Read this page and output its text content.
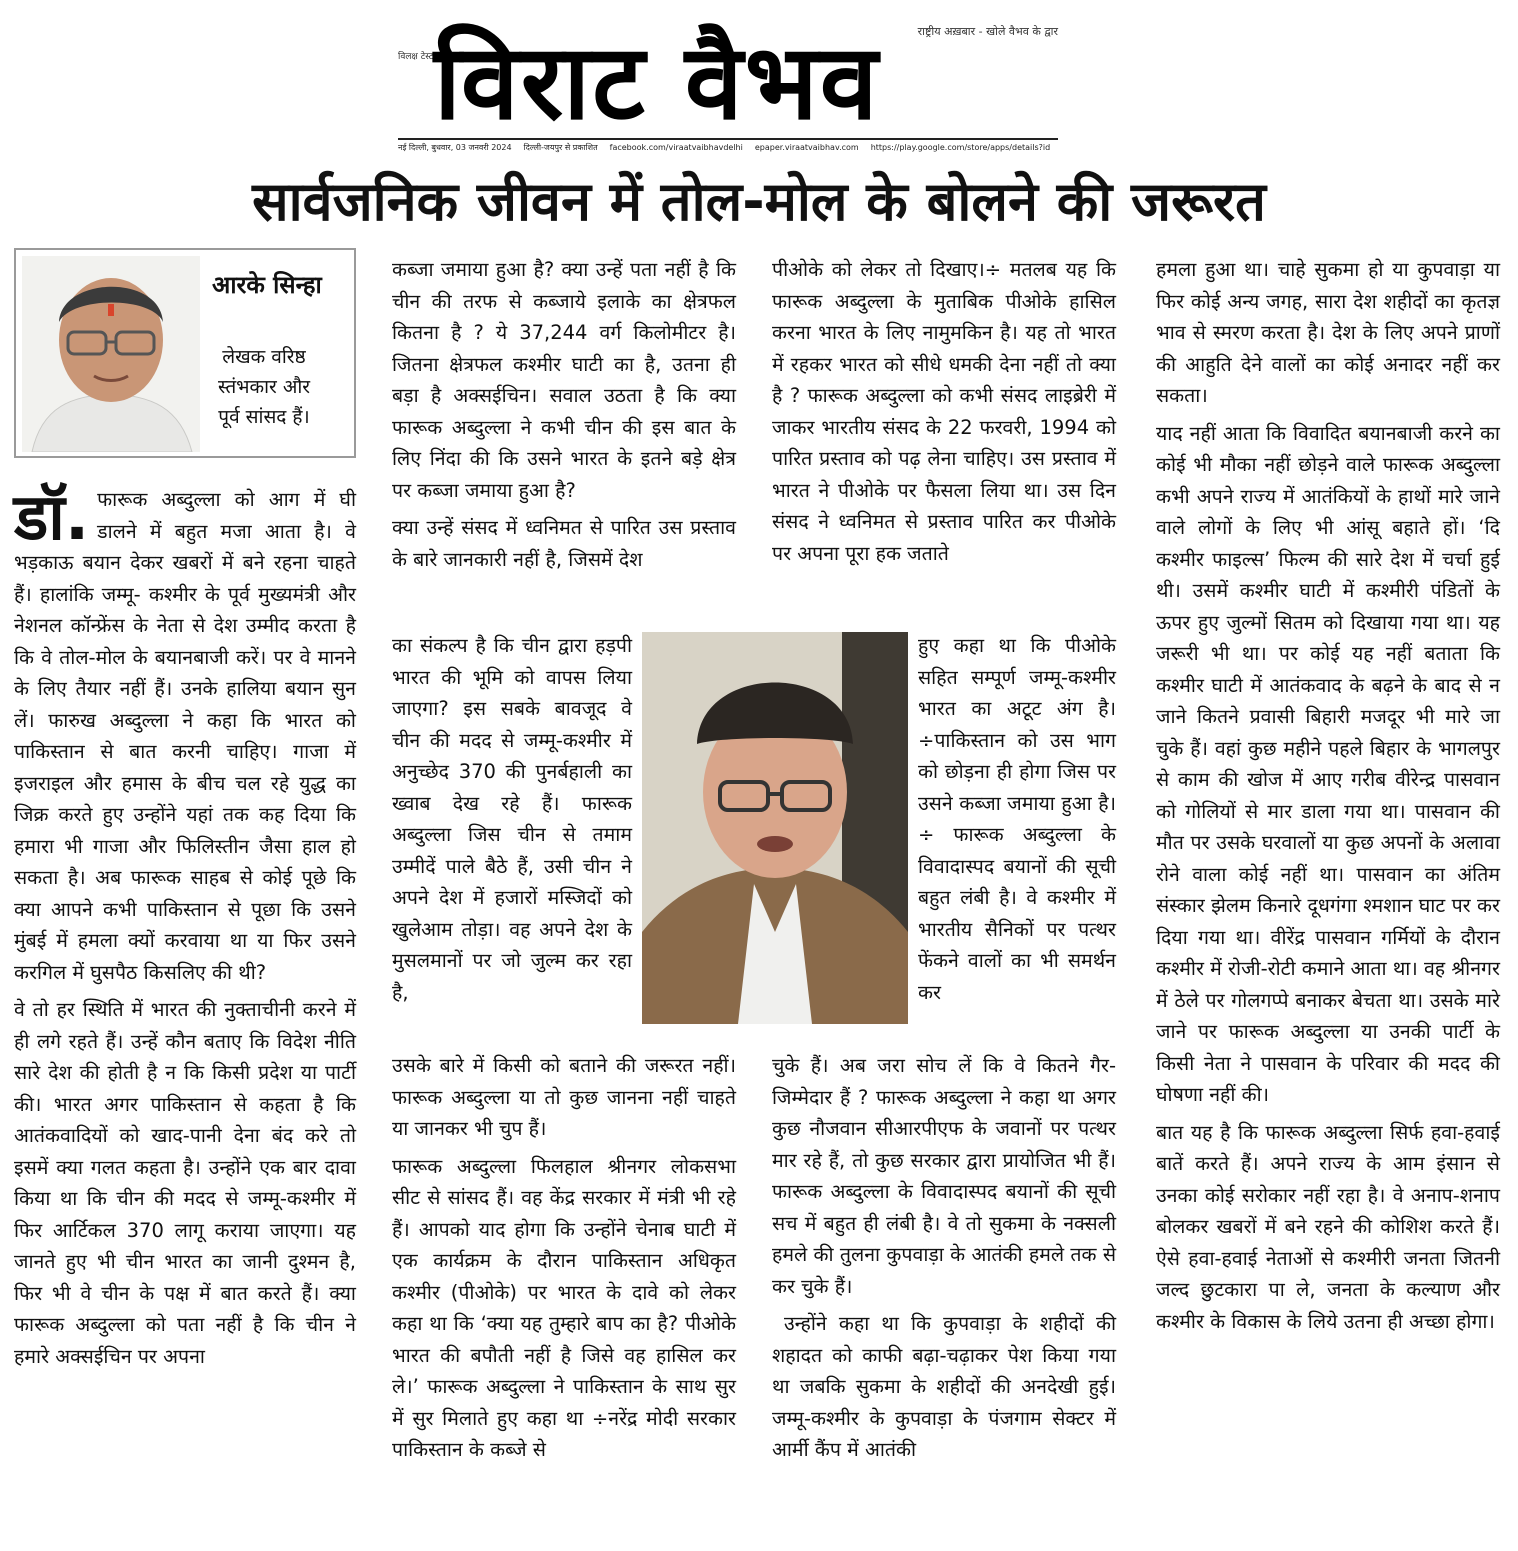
विलक्ष टेस्ट
राष्ट्रीय अख़बार - खोले वैभव के द्वार
विराट वैभव
नई दिल्ली, बुधवार, 03 जनवरी 2024 दिल्ली-जयपुर से प्रकाशित facebook.com/viraatvaibhavdelhi epaper.viraatvaibhav.com https://play.google.com/store/apps/details?id
सार्वजनिक जीवन में तोल-मोल के बोलने की जरूरत
आरके सिन्हा
लेखक वरिष्ठ स्तंभकार और पूर्व सांसद हैं।

डॉ. फारूक अब्दुल्ला को आग में घी डालने में बहुत मजा आता है। वे भड़काऊ बयान देकर खबरों में बने रहना चाहते हैं। हालांकि जम्मू- कश्मीर के पूर्व मुख्यमंत्री और नेशनल कॉन्फ्रेंस के नेता से देश उम्मीद करता है कि वे तोल-मोल के बयानबाजी करें। पर वे मानने के लिए तैयार नहीं हैं। उनके हालिया बयान सुन लें। फारुख अब्दुल्ला ने कहा कि भारत को पाकिस्तान से बात करनी चाहिए। गाजा में इजराइल और हमास के बीच चल रहे युद्ध का जिक्र करते हुए उन्होंने यहां तक कह दिया कि हमारा भी गाजा और फिलिस्तीन जैसा हाल हो सकता है। अब फारूक साहब से कोई पूछे कि क्या आपने कभी पाकिस्तान से पूछा कि उसने मुंबई में हमला क्यों करवाया था या फिर उसने करगिल में घुसपैठ किसलिए की थी?

वे तो हर स्थिति में भारत की नुक्ताचीनी करने में ही लगे रहते हैं। उन्हें कौन बताए कि विदेश नीति सारे देश की होती है न कि किसी प्रदेश या पार्टी की। भारत अगर पाकिस्तान से कहता है कि आतंकवादियों को खाद-पानी देना बंद करे तो इसमें क्या गलत कहता है। उन्होंने एक बार दावा किया था कि चीन की मदद से जम्मू-कश्मीर में फिर आर्टिकल 370 लागू कराया जाएगा। यह जानते हुए भी चीन भारत का जानी दुश्मन है, फिर भी वे चीन के पक्ष में बात करते हैं। क्या फारूक अब्दुल्ला को पता नहीं है कि चीन ने हमारे अक्सईचिन पर अपना

कब्जा जमाया हुआ है? क्या उन्हें पता नहीं है कि चीन की तरफ से कब्जाये इलाके का क्षेत्रफल कितना है ? ये 37,244 वर्ग किलोमीटर है। जितना क्षेत्रफल कश्मीर घाटी का है, उतना ही बड़ा है अक्सईचिन। सवाल उठता है कि क्या फारूक अब्दुल्ला ने कभी चीन की इस बात के लिए निंदा की कि उसने भारत के इतने बड़े क्षेत्र पर कब्जा जमाया हुआ है?

क्या उन्हें संसद में ध्वनिमत से पारित उस प्रस्ताव के बारे जानकारी नहीं है, जिसमें देश

का संकल्प है कि चीन द्वारा हड़पी भारत की भूमि को वापस लिया जाएगा? इस सबके बावजूद वे चीन की मदद से जम्मू-कश्मीर में अनुच्छेद 370 की पुनर्बहाली का ख्वाब देख रहे हैं। फारूक अब्दुल्ला जिस चीन से तमाम उम्मीदें पाले बैठे हैं, उसी चीन ने अपने देश में हजारों मस्जिदों को खुलेआम तोड़ा। वह अपने देश के मुसलमानों पर जो जुल्म कर रहा है,

उसके बारे में किसी को बताने की जरूरत नहीं। फारूक अब्दुल्ला या तो कुछ जानना नहीं चाहते या जानकर भी चुप हैं।

फारूक अब्दुल्ला फिलहाल श्रीनगर लोकसभा सीट से सांसद हैं। वह केंद्र सरकार में मंत्री भी रहे हैं। आपको याद होगा कि उन्होंने चेनाब घाटी में एक कार्यक्रम के दौरान पाकिस्तान अधिकृत कश्मीर (पीओके) पर भारत के दावे को लेकर कहा था कि ‘क्या यह तुम्हारे बाप का है? पीओके भारत की बपौती नहीं है जिसे वह हासिल कर ले।’ फारूक अब्दुल्ला ने पाकिस्तान के साथ सुर में सुर मिलाते हुए कहा था ÷नरेंद्र मोदी सरकार पाकिस्तान के कब्जे से

पीओके को लेकर तो दिखाए।÷ मतलब यह कि फारूक अब्दुल्ला के मुताबिक पीओके हासिल करना भारत के लिए नामुमकिन है। यह तो भारत में रहकर भारत को सीधे धमकी देना नहीं तो क्या है ? फारूक अब्दुल्ला को कभी संसद लाइब्रेरी में जाकर भारतीय संसद के 22 फरवरी, 1994 को पारित प्रस्ताव को पढ़ लेना चाहिए। उस प्रस्ताव में भारत ने पीओके पर फैसला लिया था। उस दिन संसद ने ध्वनिमत से प्रस्ताव पारित कर पीओके पर अपना पूरा हक जताते

हुए कहा था कि पीओके सहित सम्पूर्ण जम्मू-कश्मीर भारत का अटूट अंग है। ÷पाकिस्तान को उस भाग को छोड़ना ही होगा जिस पर उसने कब्जा जमाया हुआ है।÷ फारूक अब्दुल्ला के विवादास्पद बयानों की सूची बहुत लंबी है। वे कश्मीर में भारतीय सैनिकों पर पत्थर फेंकने वालों का भी समर्थन कर

चुके हैं। अब जरा सोच लें कि वे कितने गैर-जिम्मेदार हैं ? फारूक अब्दुल्ला ने कहा था अगर कुछ नौजवान सीआरपीएफ के जवानों पर पत्थर मार रहे हैं, तो कुछ सरकार द्वारा प्रायोजित भी हैं। फारूक अब्दुल्ला के विवादास्पद बयानों की सूची सच में बहुत ही लंबी है। वे तो सुकमा के नक्सली हमले की तुलना कुपवाड़ा के आतंकी हमले तक से कर चुके हैं।

उन्होंने कहा था कि कुपवाड़ा के शहीदों की शहादत को काफी बढ़ा-चढ़ाकर पेश किया गया था जबकि सुकमा के शहीदों की अनदेखी हुई। जम्मू-कश्मीर के कुपवाड़ा के पंजगाम सेक्टर में आर्मी कैंप में आतंकी

हमला हुआ था। चाहे सुकमा हो या कुपवाड़ा या फिर कोई अन्य जगह, सारा देश शहीदों का कृतज्ञ भाव से स्मरण करता है। देश के लिए अपने प्राणों की आहुति देने वालों का कोई अनादर नहीं कर सकता।

याद नहीं आता कि विवादित बयानबाजी करने का कोई भी मौका नहीं छोड़ने वाले फारूक अब्दुल्ला कभी अपने राज्य में आतंकियों के हाथों मारे जाने वाले लोगों के लिए भी आंसू बहाते हों। ‘दि कश्मीर फाइल्स’ फिल्म की सारे देश में चर्चा हुई थी। उसमें कश्मीर घाटी में कश्मीरी पंडितों के ऊपर हुए जुल्मों सितम को दिखाया गया था। यह जरूरी भी था। पर कोई यह नहीं बताता कि कश्मीर घाटी में आतंकवाद के बढ़ने के बाद से न जाने कितने प्रवासी बिहारी मजदूर भी मारे जा चुके हैं। वहां कुछ महीने पहले बिहार के भागलपुर से काम की खोज में आए गरीब वीरेन्द्र पासवान को गोलियों से मार डाला गया था। पासवान की मौत पर उसके घरवालों या कुछ अपनों के अलावा रोने वाला कोई नहीं था। पासवान का अंतिम संस्कार झेलम किनारे दूधगंगा श्मशान घाट पर कर दिया गया था। वीरेंद्र पासवान गर्मियों के दौरान कश्मीर में रोजी-रोटी कमाने आता था। वह श्रीनगर में ठेले पर गोलगप्पे बनाकर बेचता था। उसके मारे जाने पर फारूक अब्दुल्ला या उनकी पार्टी के किसी नेता ने पासवान के परिवार की मदद की घोषणा नहीं की।

बात यह है कि फारूक अब्दुल्ला सिर्फ हवा-हवाई बातें करते हैं। अपने राज्य के आम इंसान से उनका कोई सरोकार नहीं रहा है। वे अनाप-शनाप बोलकर खबरों में बने रहने की कोशिश करते हैं। ऐसे हवा-हवाई नेताओं से कश्मीरी जनता जितनी जल्द छुटकारा पा ले, जनता के कल्याण और कश्मीर के विकास के लिये उतना ही अच्छा होगा।
